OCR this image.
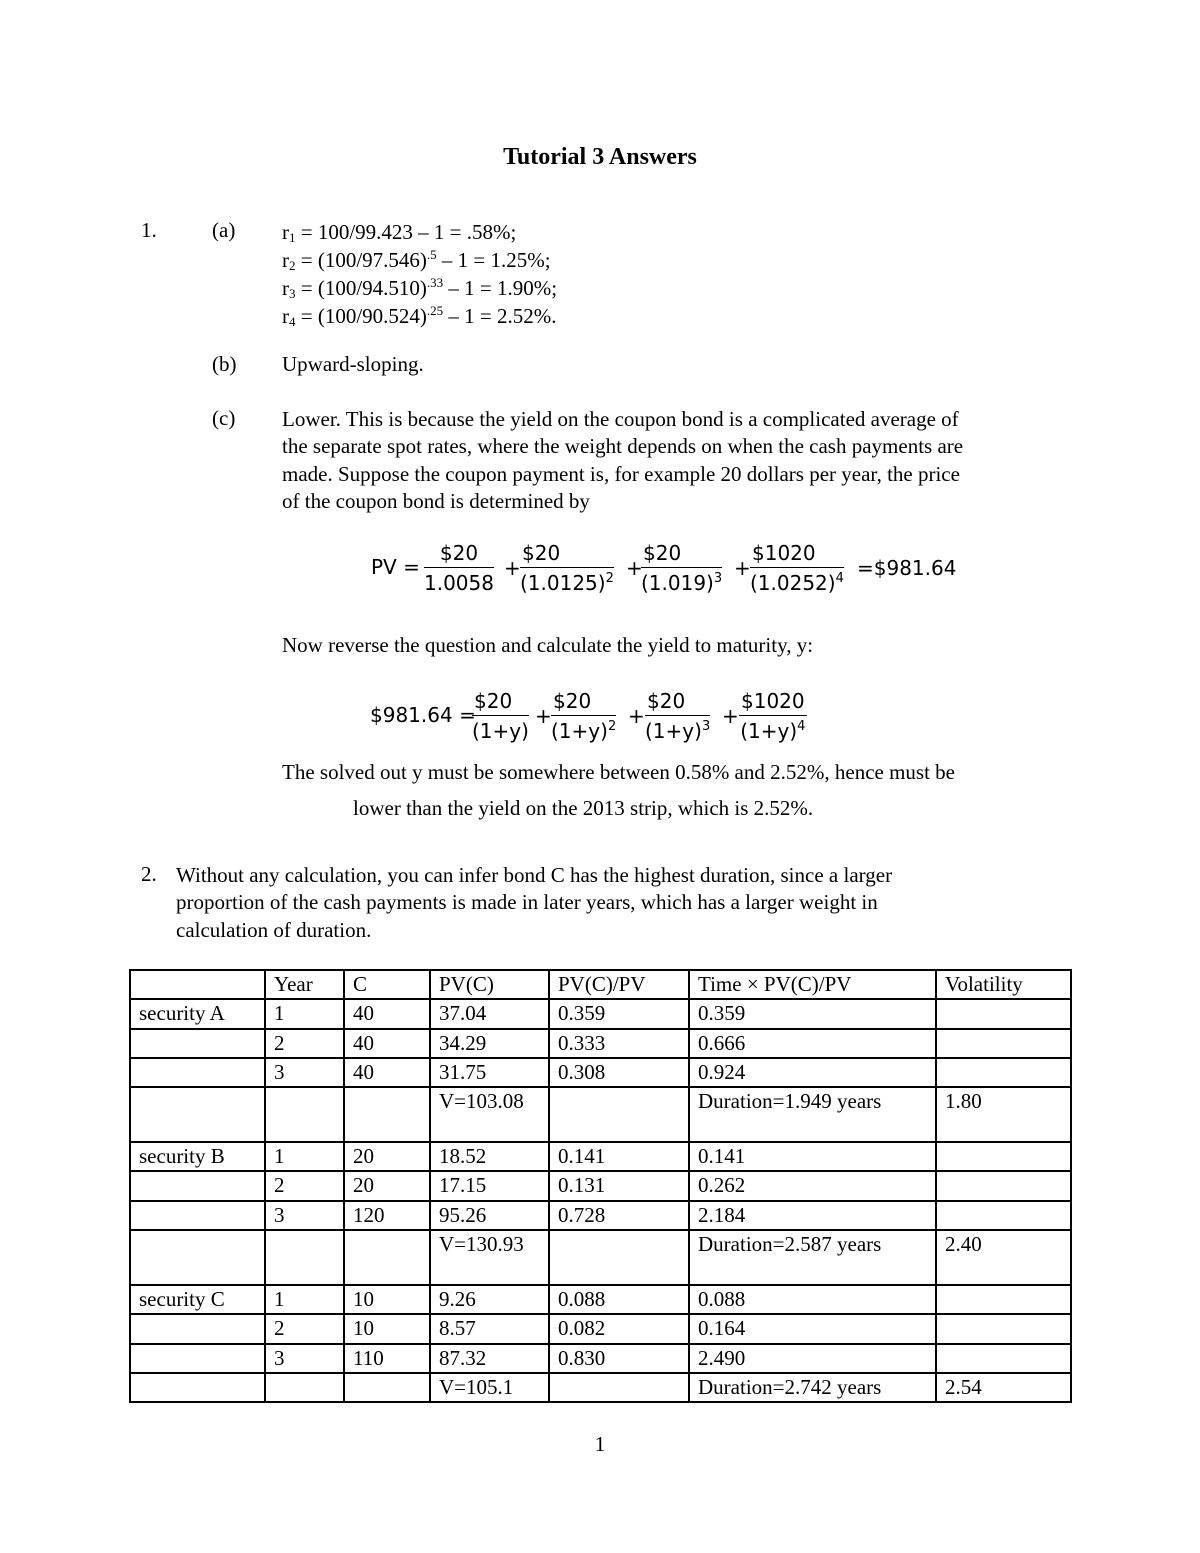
Tutorial 3 Answers
1.	(a) $r_1 = 100/99.423 - 1 = .58\%$;
$r_2 = (100/97.546)^{.5} - 1 = 1.25\%$;
$r_3 = (100/94.510)^{.33} - 1 = 1.90\%$;
$r_4 = (100/90.524)^{.25} - 1 = 2.52\%$.
(b) Upward-sloping.
(c) Lower. This is because the yield on the coupon bond is a complicated average of
the separate spot rates, where the weight depends on when the cash payments are
made. Suppose the coupon payment is, for example 20 dollars per year, the price
of the coupon bond is determined by
PV = $\frac{\$20}{1.0058} + \frac{\$20}{(1.0125)^2}$ +
$\frac{\$20}{(1.019)^3} + \frac{\$1020}{(1.0252)^4}$ =$981.64
Now reverse the question and calculate the yield to maturity, y:
$981.64 =
$\frac{\$20}{(1+y)} + \frac{\$20}{(1+y)^2} + \frac{\$20}{(1+y)^3} + \frac{\$1020}{(1+y)^4}$
The solved out y must be somewhere between 0.58% and 2.52%, hence must be
lower than the yield on the 2013 strip, which is 2.52%.
2. Without any calculation, you can infer bond C has the highest duration, since a larger
proportion of the cash payments is made in later years, which has a larger weight in
calculation of duration.
	Year	C	PV(C)	PV(C)/PV	Time × PV(C)/PV	Volatility
security A	1	40	37.04	0.359	0.359	
	2	40	34.29	0.333	0.666	
	3	40	31.75	0.308	0.924	
			V=103.08		Duration=1.949 years	1.80
security B	1	20	18.52	0.141	0.141	
	2	20	17.15	0.131	0.262	
	3	120	95.26	0.728	2.184	
			V=130.93		Duration=2.587 years	2.40
security C	1	10	9.26	0.088	0.088	
	2	10	8.57	0.082	0.164	
	3	110	87.32	0.830	2.490	
			V=105.1		Duration=2.742 years	2.54
1
